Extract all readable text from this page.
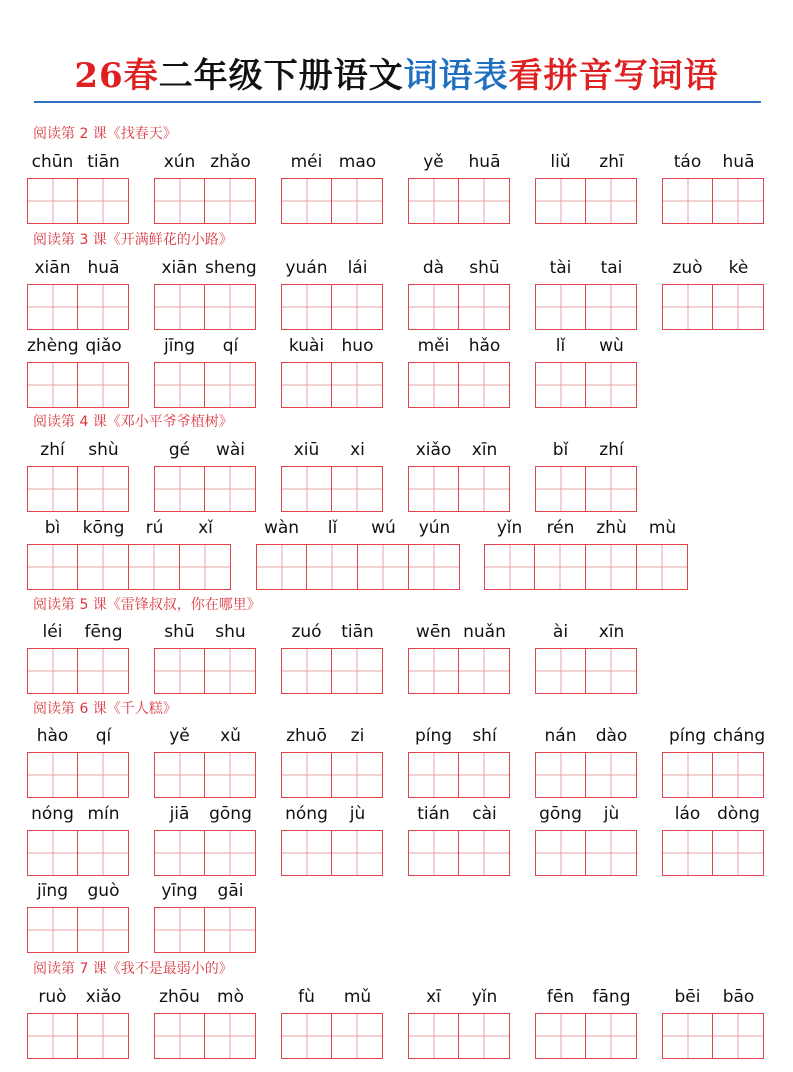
26春二年级下册语文词语表看拼音写词语
阅读第 2 课《找春天》
chūn tiān	xún zhǎo	méi mao	yě	huā	liǔ	zhī	táo	huā
阅读第 3 课《开满鲜花的小路》
xiān	huā	xiān sheng yuán	lái	dà	shū	tài	tai	zuò	kè
zhèng qiǎo	jīng	qí	kuài	huo	měi	hǎo	lǐ	wù
阅读第 4 课《邓小平爷爷植树》
zhí	shù	gé	wài	xiū	xi	xiǎo	xīn	bǐ	zhí
bì	kōng	rú	xǐ	wàn	lǐ	wú	yún	yǐn	rén	zhù	mù
阅读第 5 课《雷锋叔叔，你在哪里》
léi	fēng	shū	shu	zuó	tiān	wēn nuǎn	ài	xīn
阅读第 6 课《千人糕》
hào	qí	yě	xǔ	zhuō	zi	píng	shí	nán	dào	píng cháng
nóng mín	jiā	gōng nóng	jù	tián	cài	gōng	jù	láo dòng
jīng	guò	yīng	gāi
阅读第 7 课《我不是最弱小的》
ruò	xiǎo	zhōu	mò	fù	mǔ	xī	yǐn	fēn	fāng	bēi	bāo
